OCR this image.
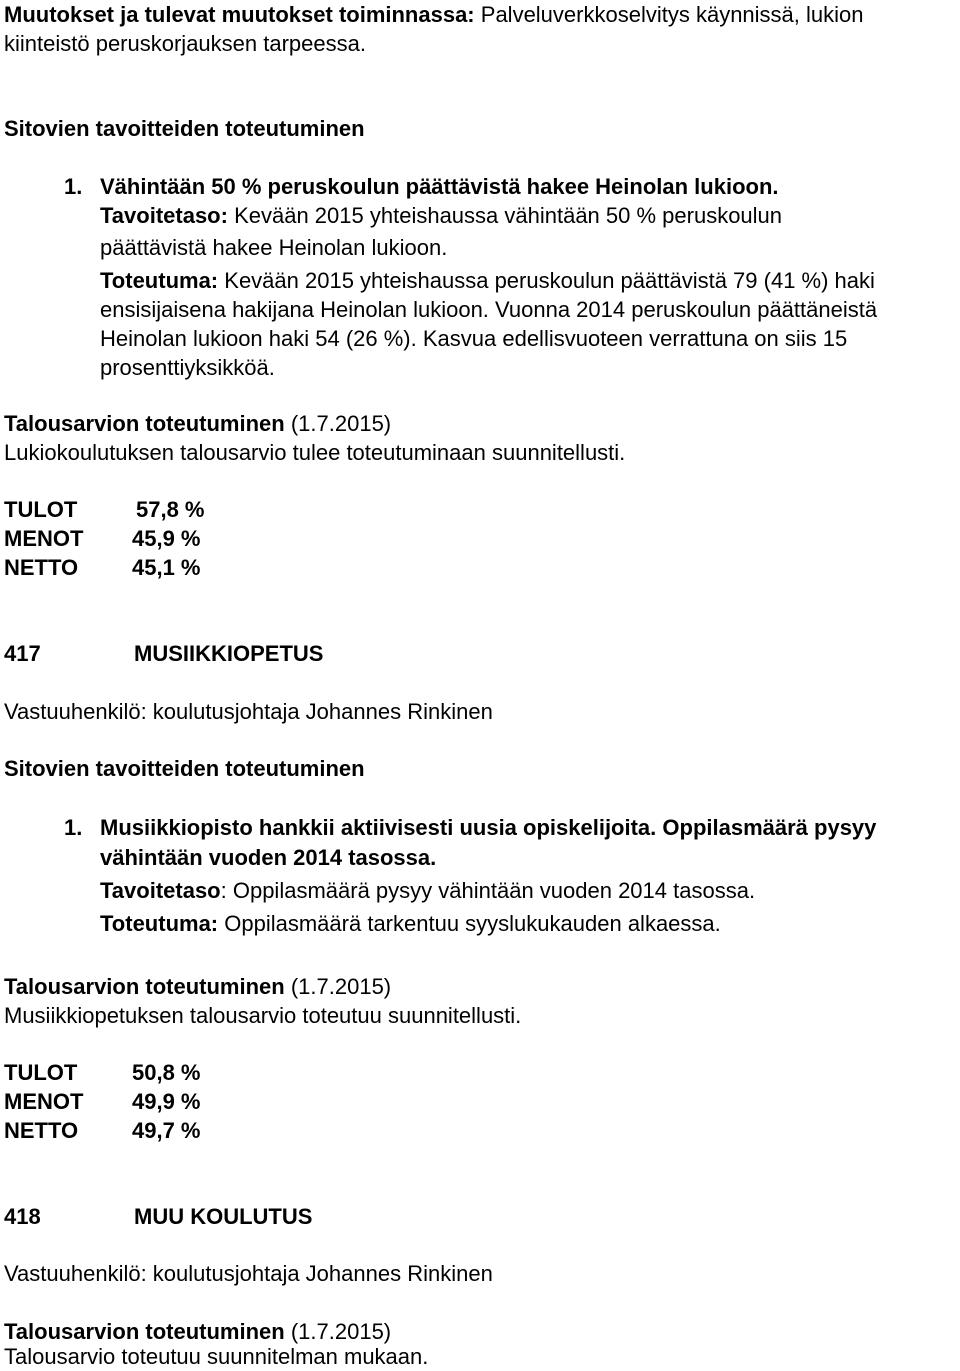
Muutokset ja tulevat muutokset toiminnassa: Palveluverkkoselvitys käynnissä, lukion
kiinteistö peruskorjauksen tarpeessa.
Sitovien tavoitteiden toteutuminen
1. Vähintään 50 % peruskoulun päättävistä hakee Heinolan lukioon.
Tavoitetaso: Kevään 2015 yhteishaussa vähintään 50 % peruskoulun
päättävistä hakee Heinolan lukioon.
Toteutuma: Kevään 2015 yhteishaussa peruskoulun päättävistä 79 (41 %) haki
ensisijaisena hakijana Heinolan lukioon. Vuonna 2014 peruskoulun päättäneistä
Heinolan lukioon haki 54 (26 %). Kasvua edellisvuoteen verrattuna on siis 15
prosenttiyksikköä.
Talousarvion toteutuminen (1.7.2015)
Lukiokoulutuksen talousarvio tulee toteutuminaan suunnitellusti.
TULOT	57,8 %
MENOT 45,9 %
NETTO 45,1 %
417	MUSIIKKIOPETUS
Vastuuhenkilö: koulutusjohtaja Johannes Rinkinen
Sitovien tavoitteiden toteutuminen
1. Musiikkiopisto hankkii aktiivisesti uusia opiskelijoita. Oppilasmäärä pysyy
vähintään vuoden 2014 tasossa.
Tavoitetaso: Oppilasmäärä pysyy vähintään vuoden 2014 tasossa.
Toteutuma: Oppilasmäärä tarkentuu syyslukukauden alkaessa.
Talousarvion toteutuminen (1.7.2015)
Musiikkiopetuksen talousarvio toteutuu suunnitellusti.
TULOT 50,8 %
MENOT 49,9 %
NETTO 49,7 %
418	MUU KOULUTUS
Vastuuhenkilö: koulutusjohtaja Johannes Rinkinen
Talousarvion toteutuminen (1.7.2015)
Talousarvio toteutuu suunnitelman mukaan.
